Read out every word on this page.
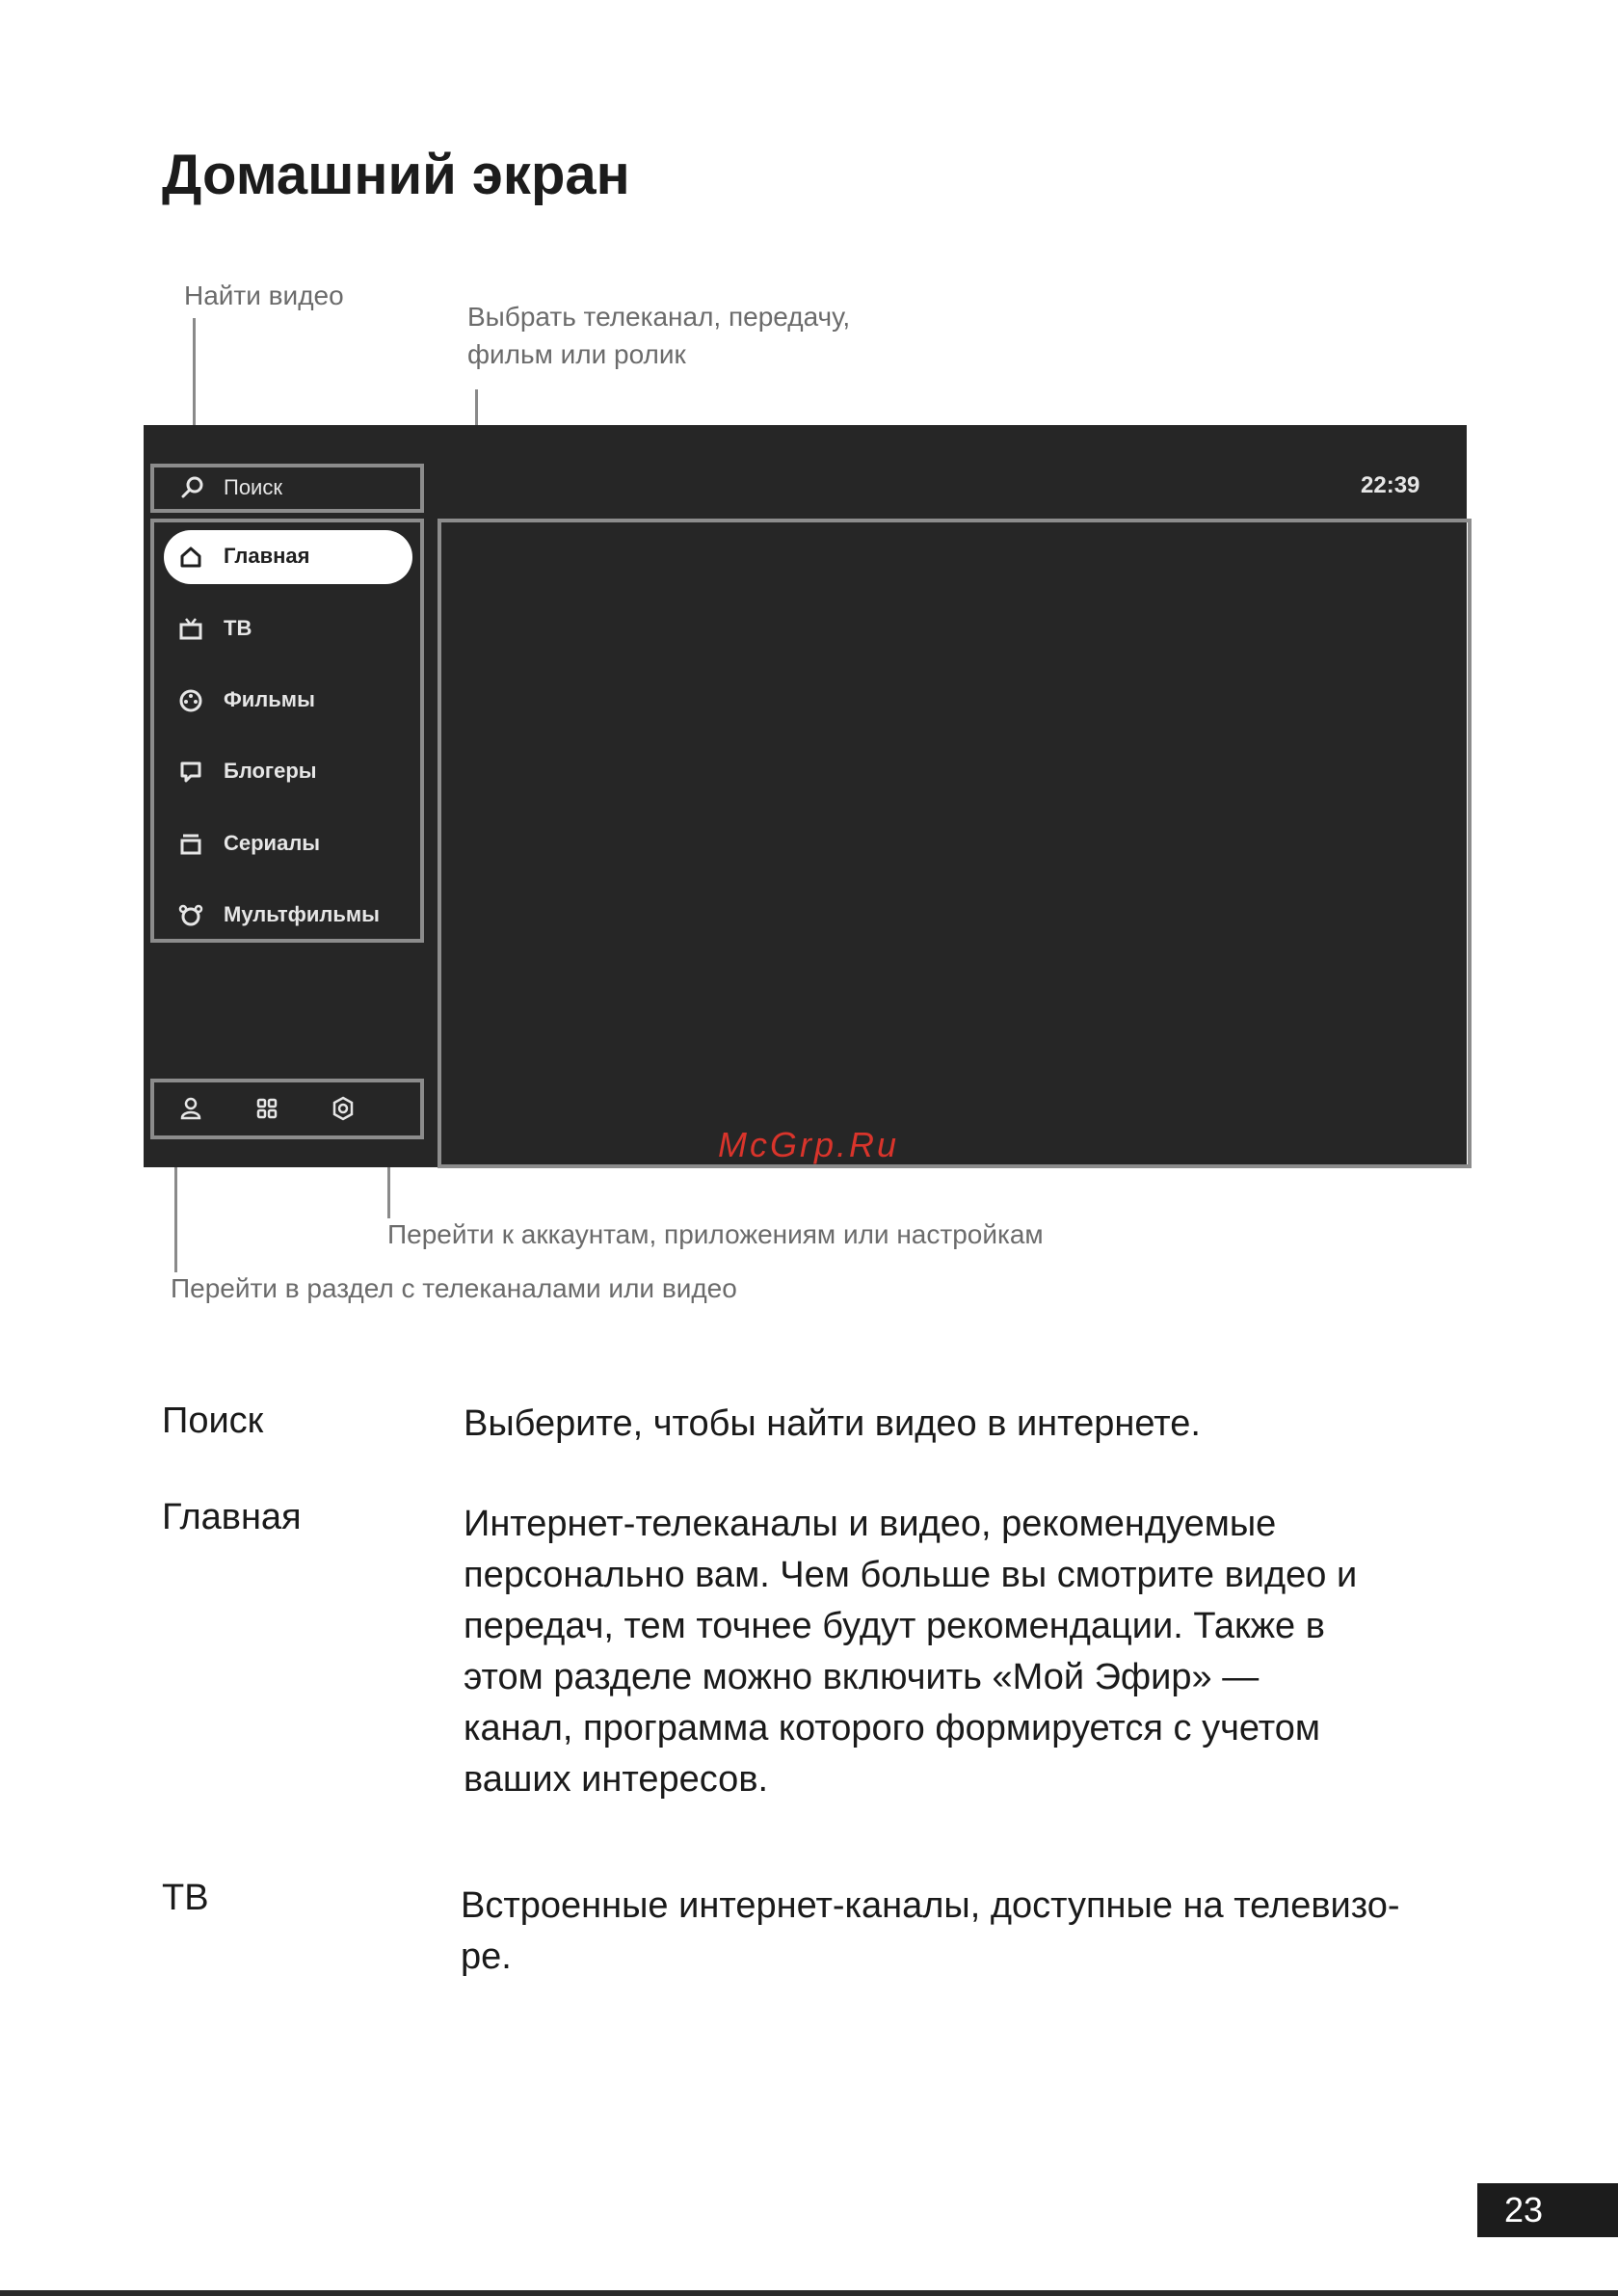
Домашний экран
Найти видео
Выбрать телеканал, передачу,
фильм или ролик
Поиск	22:39
Главная
ТВ
Фильмы
Блогеры
Сериалы
Мультфильмы
McGrp.Ru
Перейти к аккаунтам, приложениям или настройкам
Перейти в раздел с телеканалами или видео
Поиск	Выберите, чтобы найти видео в интернете.
Главная	Интернет-телеканалы и видео, рекомендуемые
персонально вам. Чем больше вы смотрите видео и
передач, тем точнее будут рекомендации. Также в
этом разделе можно включить «Мой Эфир» —
канал, программа которого формируется с учетом
ваших интересов.
ТВ	Встроенные интернет-каналы, доступные на телевизо-
ре.
23
